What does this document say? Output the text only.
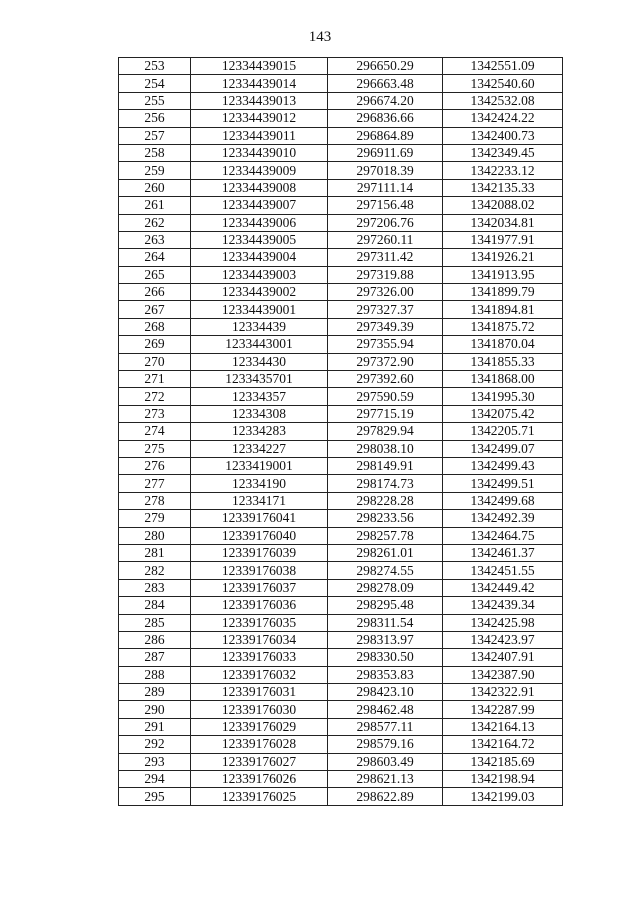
143
253	12334439015	296650.29	1342551.09
254	12334439014	296663.48	1342540.60
255	12334439013	296674.20	1342532.08
256	12334439012	296836.66	1342424.22
257	12334439011	296864.89	1342400.73
258	12334439010	296911.69	1342349.45
259	12334439009	297018.39	1342233.12
260	12334439008	297111.14	1342135.33
261	12334439007	297156.48	1342088.02
262	12334439006	297206.76	1342034.81
263	12334439005	297260.11	1341977.91
264	12334439004	297311.42	1341926.21
265	12334439003	297319.88	1341913.95
266	12334439002	297326.00	1341899.79
267	12334439001	297327.37	1341894.81
268	12334439	297349.39	1341875.72
269	1233443001	297355.94	1341870.04
270	12334430	297372.90	1341855.33
271	1233435701	297392.60	1341868.00
272	12334357	297590.59	1341995.30
273	12334308	297715.19	1342075.42
274	12334283	297829.94	1342205.71
275	12334227	298038.10	1342499.07
276	1233419001	298149.91	1342499.43
277	12334190	298174.73	1342499.51
278	12334171	298228.28	1342499.68
279	12339176041	298233.56	1342492.39
280	12339176040	298257.78	1342464.75
281	12339176039	298261.01	1342461.37
282	12339176038	298274.55	1342451.55
283	12339176037	298278.09	1342449.42
284	12339176036	298295.48	1342439.34
285	12339176035	298311.54	1342425.98
286	12339176034	298313.97	1342423.97
287	12339176033	298330.50	1342407.91
288	12339176032	298353.83	1342387.90
289	12339176031	298423.10	1342322.91
290	12339176030	298462.48	1342287.99
291	12339176029	298577.11	1342164.13
292	12339176028	298579.16	1342164.72
293	12339176027	298603.49	1342185.69
294	12339176026	298621.13	1342198.94
295	12339176025	298622.89	1342199.03
